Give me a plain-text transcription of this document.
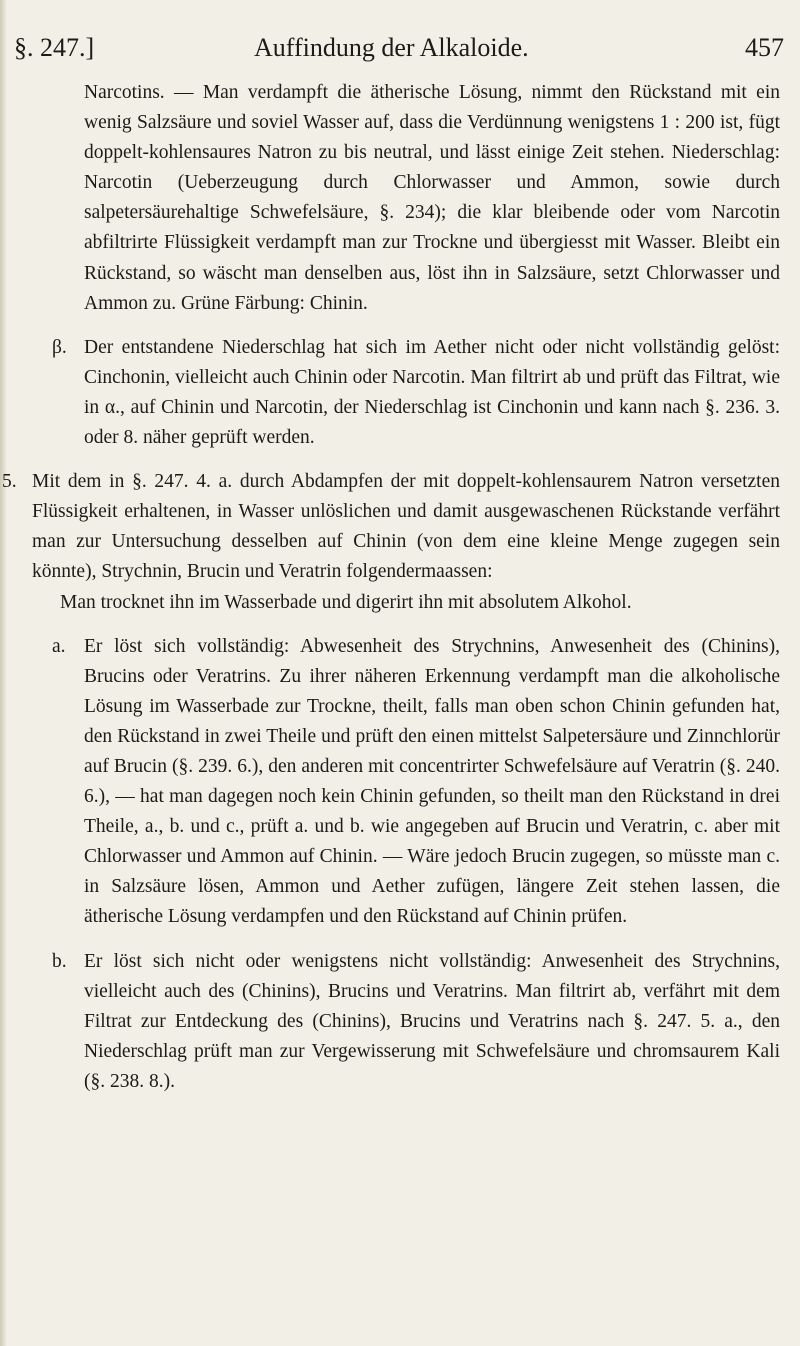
§. 247.]	Auffindung der Alkaloide.	457

Narcotins. — Man verdampft die ätherische Lösung, nimmt den Rückstand mit ein wenig Salzsäure und soviel Wasser auf, dass die Verdünnung wenigstens 1 : 200 ist, fügt doppelt-kohlensaures Natron zu bis neutral, und lässt einige Zeit stehen. Niederschlag: Narcotin (Ueberzeugung durch Chlorwasser und Ammon, sowie durch salpetersäurehaltige Schwefelsäure, §. 234); die klar bleibende oder vom Narcotin abfiltrirte Flüssigkeit verdampft man zur Trockne und übergiesst mit Wasser. Bleibt ein Rückstand, so wäscht man denselben aus, löst ihn in Salzsäure, setzt Chlorwasser und Ammon zu. Grüne Färbung: Chinin.

β. Der entstandene Niederschlag hat sich im Aether nicht oder nicht vollständig gelöst: Cinchonin, vielleicht auch Chinin oder Narcotin. Man filtrirt ab und prüft das Filtrat, wie in α., auf Chinin und Narcotin, der Niederschlag ist Cinchonin und kann nach §. 236. 3. oder 8. näher geprüft werden.

5. Mit dem in §. 247. 4. a. durch Abdampfen der mit doppelt-kohlensaurem Natron versetzten Flüssigkeit erhaltenen, in Wasser unlöslichen und damit ausgewaschenen Rückstande verfährt man zur Untersuchung desselben auf Chinin (von dem eine kleine Menge zugegen sein könnte), Strychnin, Brucin und Veratrin folgendermaassen:

Man trocknet ihn im Wasserbade und digerirt ihn mit absolutem Alkohol.

a. Er löst sich vollständig: Abwesenheit des Strychnins, Anwesenheit des (Chinins), Brucins oder Veratrins. Zu ihrer näheren Erkennung verdampft man die alkoholische Lösung im Wasserbade zur Trockne, theilt, falls man oben schon Chinin gefunden hat, den Rückstand in zwei Theile und prüft den einen mittelst Salpetersäure und Zinnchlorür auf Brucin (§. 239. 6.), den anderen mit concentrirter Schwefelsäure auf Veratrin (§. 240. 6.), — hat man dagegen noch kein Chinin gefunden, so theilt man den Rückstand in drei Theile, a., b. und c., prüft a. und b. wie angegeben auf Brucin und Veratrin, c. aber mit Chlorwasser und Ammon auf Chinin. — Wäre jedoch Brucin zugegen, so müsste man c. in Salzsäure lösen, Ammon und Aether zufügen, längere Zeit stehen lassen, die ätherische Lösung verdampfen und den Rückstand auf Chinin prüfen.

b. Er löst sich nicht oder wenigstens nicht vollständig: Anwesenheit des Strychnins, vielleicht auch des (Chinins), Brucins und Veratrins. Man filtrirt ab, verfährt mit dem Filtrat zur Entdeckung des (Chinins), Brucins und Veratrins nach §. 247. 5. a., den Niederschlag prüft man zur Vergewisserung mit Schwefelsäure und chromsaurem Kali (§. 238. 8.).
